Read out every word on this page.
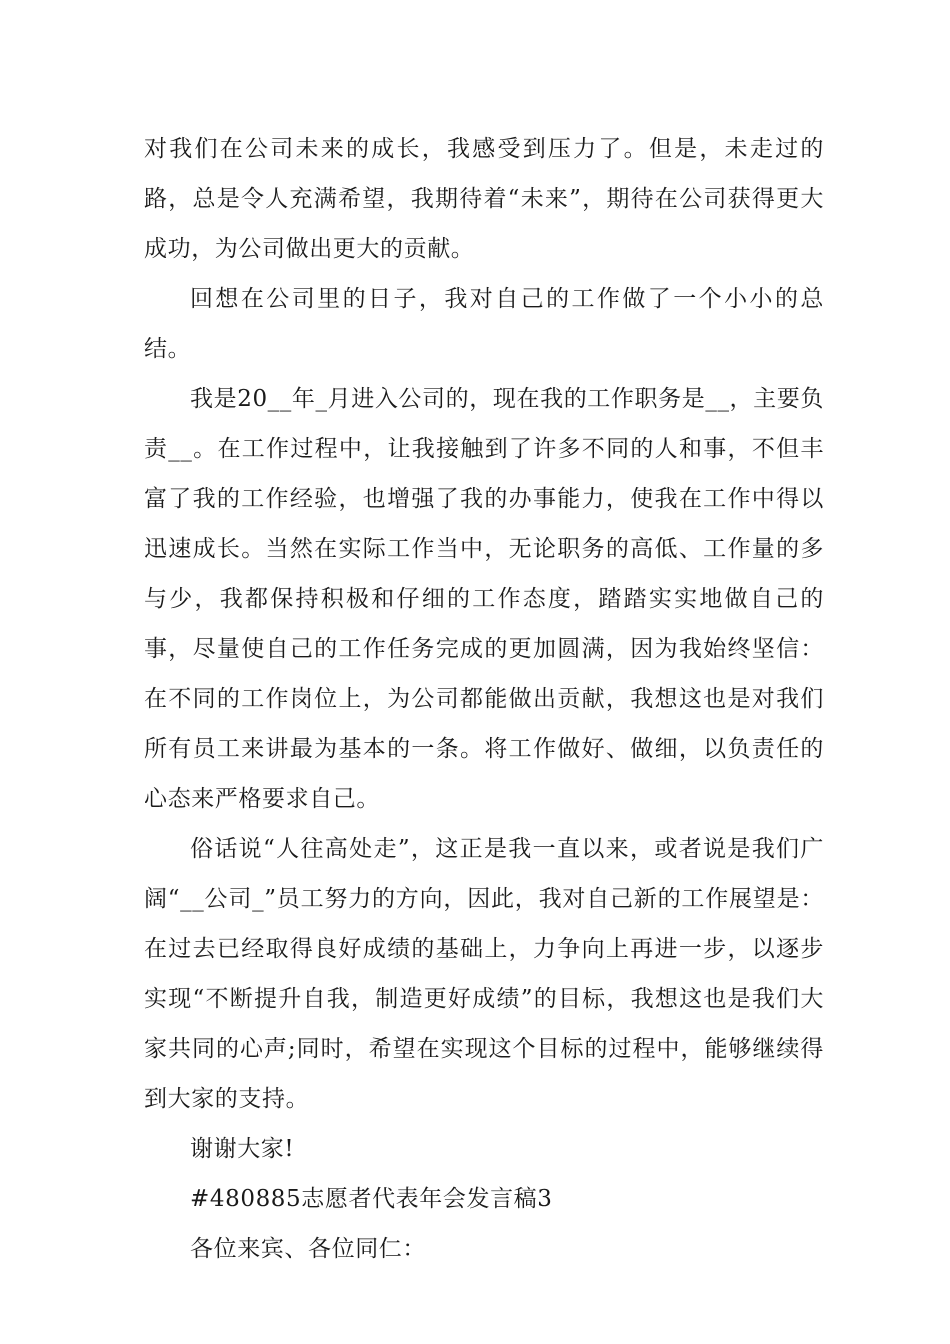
对我们在公司未来的成长，我感受到压力了。但是，未走过的路，总是令人充满希望，我期待着“未来”，期待在公司获得更大成功，为公司做出更大的贡献。

回想在公司里的日子，我对自己的工作做了一个小小的总结。

我是20__年_月进入公司的，现在我的工作职务是__，主要负责__。在工作过程中，让我接触到了许多不同的人和事，不但丰富了我的工作经验，也增强了我的办事能力，使我在工作中得以迅速成长。当然在实际工作当中，无论职务的高低、工作量的多与少，我都保持积极和仔细的工作态度，踏踏实实地做自己的事，尽量使自己的工作任务完成的更加圆满，因为我始终坚信：在不同的工作岗位上，为公司都能做出贡献，我想这也是对我们所有员工来讲最为基本的一条。将工作做好、做细，以负责任的心态来严格要求自己。

俗话说“人往高处走”，这正是我一直以来，或者说是我们广阔“__公司_”员工努力的方向，因此，我对自己新的工作展望是：在过去已经取得良好成绩的基础上，力争向上再进一步，以逐步实现“不断提升自我，制造更好成绩”的目标，我想这也是我们大家共同的心声;同时，希望在实现这个目标的过程中，能够继续得到大家的支持。

谢谢大家!

#480885志愿者代表年会发言稿3

各位来宾、各位同仁：
